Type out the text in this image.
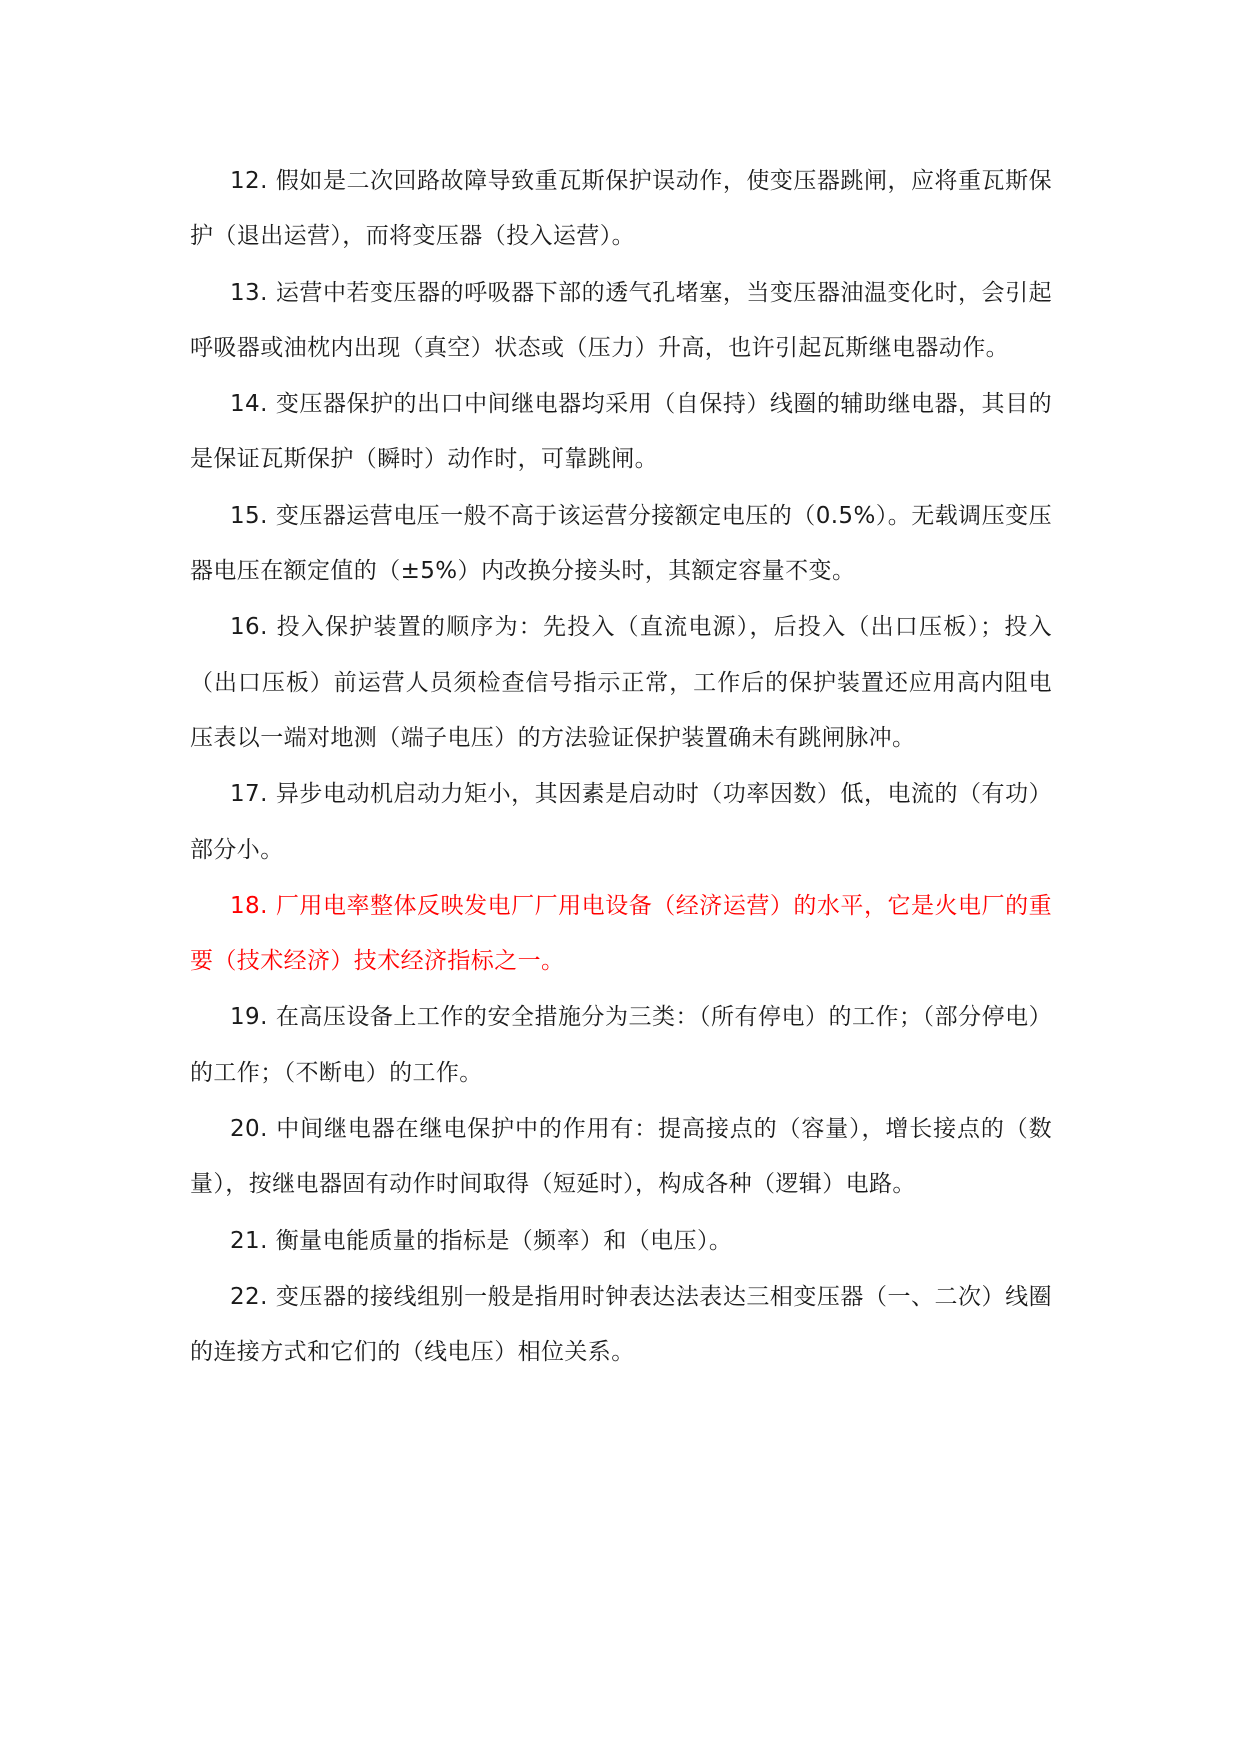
12. 假如是二次回路故障导致重瓦斯保护误动作，使变压器跳闸，应将重瓦斯保护（退出运营），而将变压器（投入运营）。

13. 运营中若变压器的呼吸器下部的透气孔堵塞，当变压器油温变化时，会引起呼吸器或油枕内出现（真空）状态或（压力）升高，也许引起瓦斯继电器动作。

14. 变压器保护的出口中间继电器均采用（自保持）线圈的辅助继电器，其目的是保证瓦斯保护（瞬时）动作时，可靠跳闸。

15. 变压器运营电压一般不高于该运营分接额定电压的（0.5%）。无载调压变压器电压在额定值的（±5%）内改换分接头时，其额定容量不变。

16. 投入保护装置的顺序为：先投入（直流电源），后投入（出口压板）；投入（出口压板）前运营人员须检查信号指示正常，工作后的保护装置还应用高内阻电压表以一端对地测（端子电压）的方法验证保护装置确未有跳闸脉冲。

17. 异步电动机启动力矩小，其因素是启动时（功率因数）低，电流的（有功）部分小。

18. 厂用电率整体反映发电厂厂用电设备（经济运营）的水平，它是火电厂的重要（技术经济）技术经济指标之一。

19. 在高压设备上工作的安全措施分为三类：（所有停电）的工作；（部分停电）的工作；（不断电）的工作。

20. 中间继电器在继电保护中的作用有：提高接点的（容量），增长接点的（数量），按继电器固有动作时间取得（短延时），构成各种（逻辑）电路。

21. 衡量电能质量的指标是（频率）和（电压）。

22. 变压器的接线组别一般是指用时钟表达法表达三相变压器（一、二次）线圈的连接方式和它们的（线电压）相位关系。
